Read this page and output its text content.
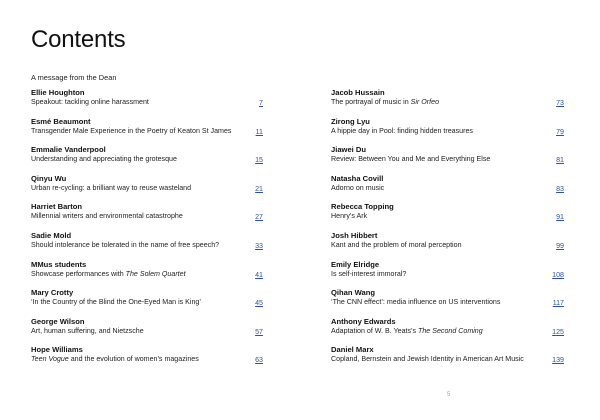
Contents
A message from the Dean
Ellie Houghton
Speakout: tackling online harassment	7
Esmé Beaumont
Transgender Male Experience in the Poetry of Keaton St James	11
Emmalie Vanderpool
Understanding and appreciating the grotesque	15
Qinyu Wu
Urban re-cycling: a brilliant way to reuse wasteland	21
Harriet Barton
Millennial writers and environmental catastrophe	27
Sadie Mold
Should intolerance be tolerated in the name of free speech?	33
MMus students
Showcase performances with The Solem Quartet	41
Mary Crotty
‘In the Country of the Blind the One-Eyed Man is King’	45
George Wilson
Art, human suffering, and Nietzsche	57
Hope Williams
Teen Vogue and the evolution of women’s magazines	63
Jacob Hussain
The portrayal of music in Sir Orfeo	73
Zirong Lyu
A hippie day in Pool: finding hidden treasures	79
Jiawei Du
Review: Between You and Me and Everything Else	81
Natasha Covill
Adorno on music	83
Rebecca Topping
Henry’s Ark	91
Josh Hibbert
Kant and the problem of moral perception	99
Emily Elridge
Is self-interest immoral?	108
Qihan Wang
‘The CNN effect’: media influence on US interventions	117
Anthony Edwards
Adaptation of W. B. Yeats’s The Second Coming	125
Daniel Marx
Copland, Bernstein and Jewish Identity in American Art Music	139
5
